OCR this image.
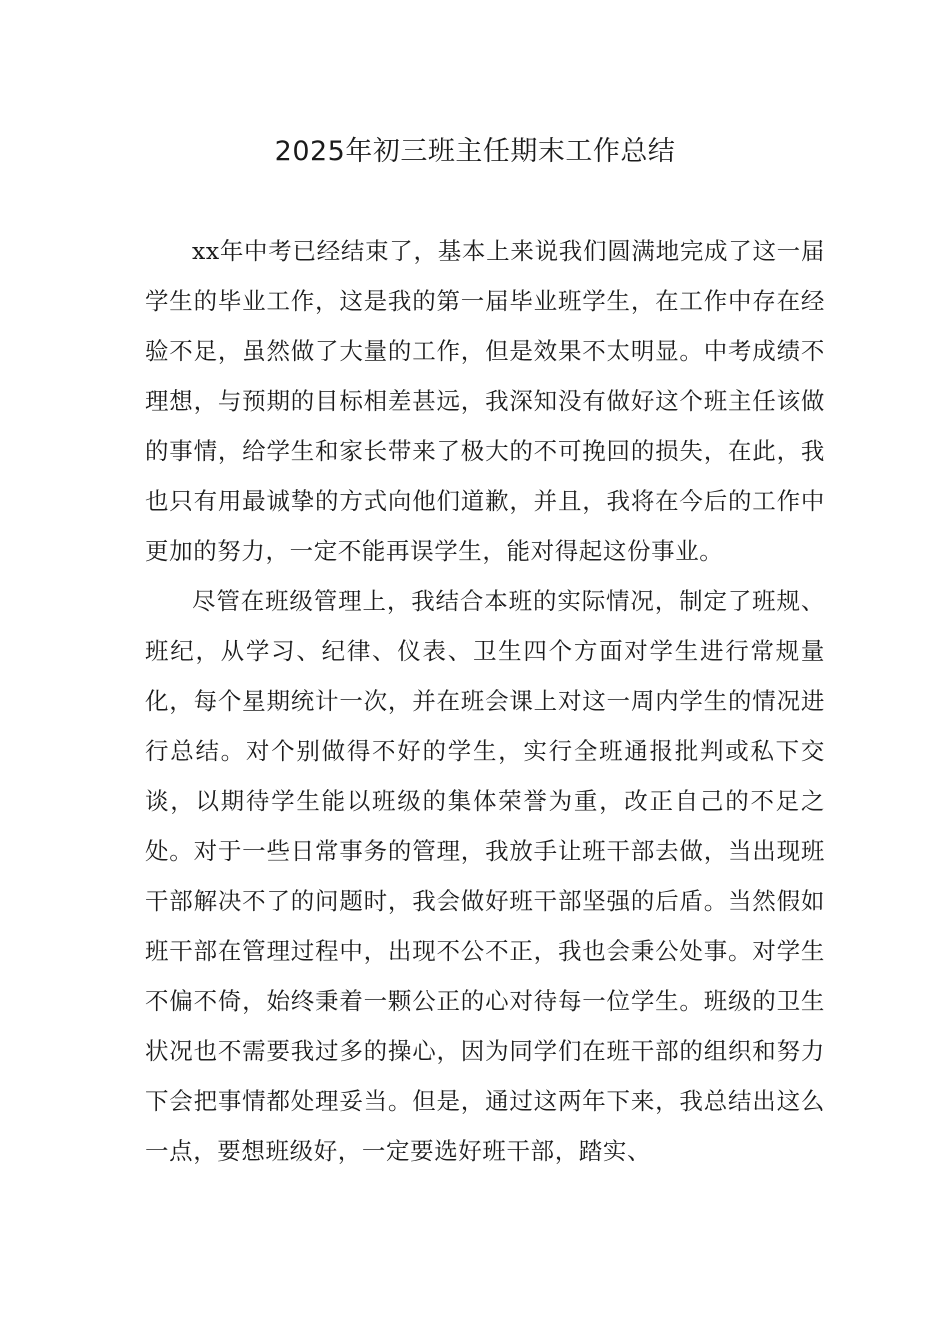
2025年初三班主任期末工作总结

xx年中考已经结束了，基本上来说我们圆满地完成了这一届学生的毕业工作，这是我的第一届毕业班学生，在工作中存在经验不足，虽然做了大量的工作，但是效果不太明显。中考成绩不理想，与预期的目标相差甚远，我深知没有做好这个班主任该做的事情，给学生和家长带来了极大的不可挽回的损失，在此，我也只有用最诚挚的方式向他们道歉，并且，我将在今后的工作中更加的努力，一定不能再误学生，能对得起这份事业。

尽管在班级管理上，我结合本班的实际情况，制定了班规、班纪，从学习、纪律、仪表、卫生四个方面对学生进行常规量化，每个星期统计一次，并在班会课上对这一周内学生的情况进行总结。对个别做得不好的学生，实行全班通报批判或私下交谈，以期待学生能以班级的集体荣誉为重，改正自己的不足之处。对于一些日常事务的管理，我放手让班干部去做，当出现班干部解决不了的问题时，我会做好班干部坚强的后盾。当然假如班干部在管理过程中，出现不公不正，我也会秉公处事。对学生不偏不倚，始终秉着一颗公正的心对待每一位学生。班级的卫生状况也不需要我过多的操心，因为同学们在班干部的组织和努力下会把事情都处理妥当。但是，通过这两年下来，我总结出这么一点，要想班级好，一定要选好班干部，踏实、
